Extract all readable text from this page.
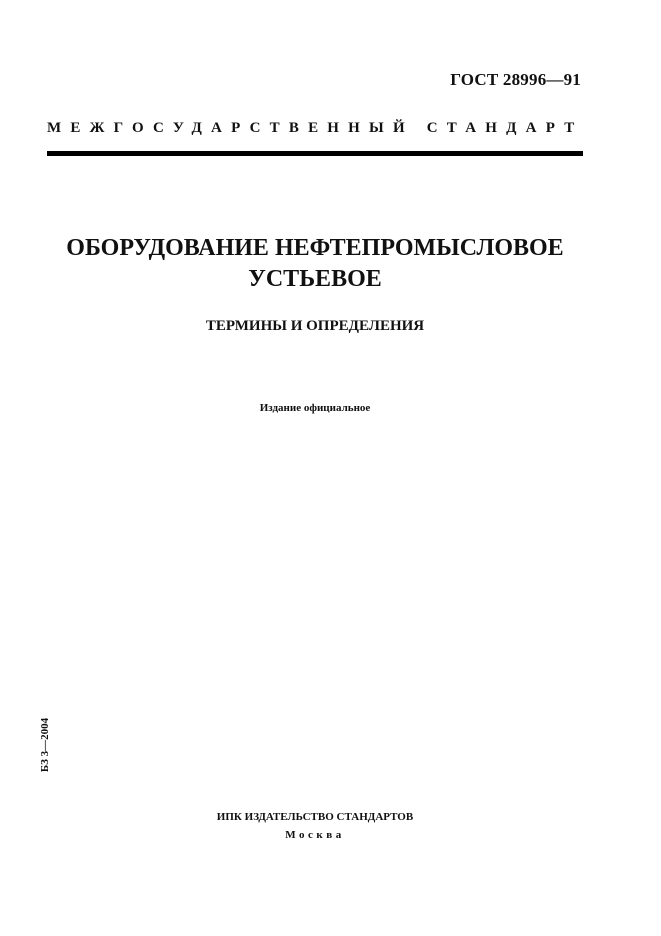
ГОСТ 28996—91
МЕЖГОСУДАРСТВЕННЫЙ СТАНДАРТ
ОБОРУДОВАНИЕ НЕФТЕПРОМЫСЛОВОЕ
УСТЬЕВОЕ
ТЕРМИНЫ И ОПРЕДЕЛЕНИЯ
Издание официальное
БЗ 3—2004
ИПК ИЗДАТЕЛЬСТВО СТАНДАРТОВ
Москва
